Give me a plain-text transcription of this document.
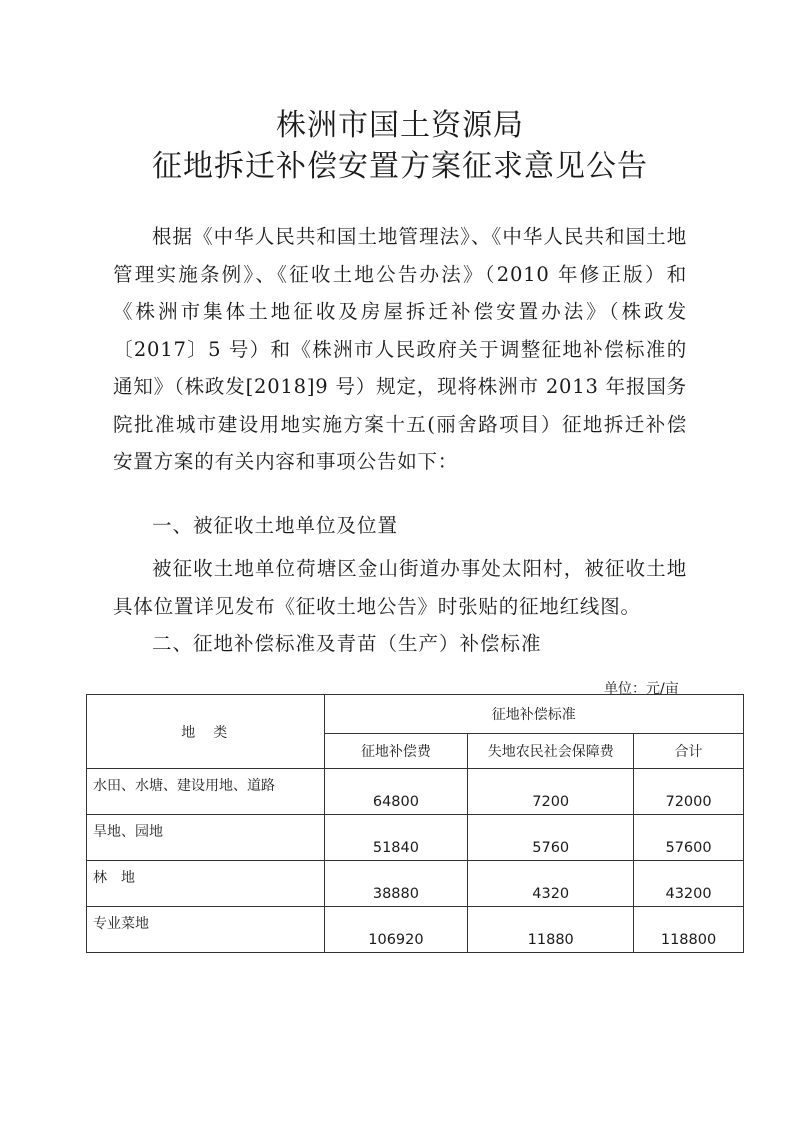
株洲市国土资源局
征地拆迁补偿安置方案征求意见公告

根据《中华人民共和国土地管理法》、《中华人民共和国土地管理实施条例》、《征收土地公告办法》（2010 年修正版）和《株洲市集体土地征收及房屋拆迁补偿安置办法》（株政发〔2017〕5 号）和《株洲市人民政府关于调整征地补偿标准的通知》（株政发[2018]9 号）规定，现将株洲市 2013 年报国务院批准城市建设用地实施方案十五(丽舍路项目）征地拆迁补偿安置方案的有关内容和事项公告如下：

一、被征收土地单位及位置

被征收土地单位荷塘区金山街道办事处太阳村，被征收土地具体位置详见发布《征收土地公告》时张贴的征地红线图。

二、征地补偿标准及青苗（生产）补偿标准

单位：元/亩
地　类	征地补偿标准		
	征地补偿费	失地农民社会保障费	合计
水田、水塘、建设用地、道路	64800	7200	72000
旱地、园地	51840	5760	57600
林　地	38880	4320	43200
专业菜地	106920	11880	118800
